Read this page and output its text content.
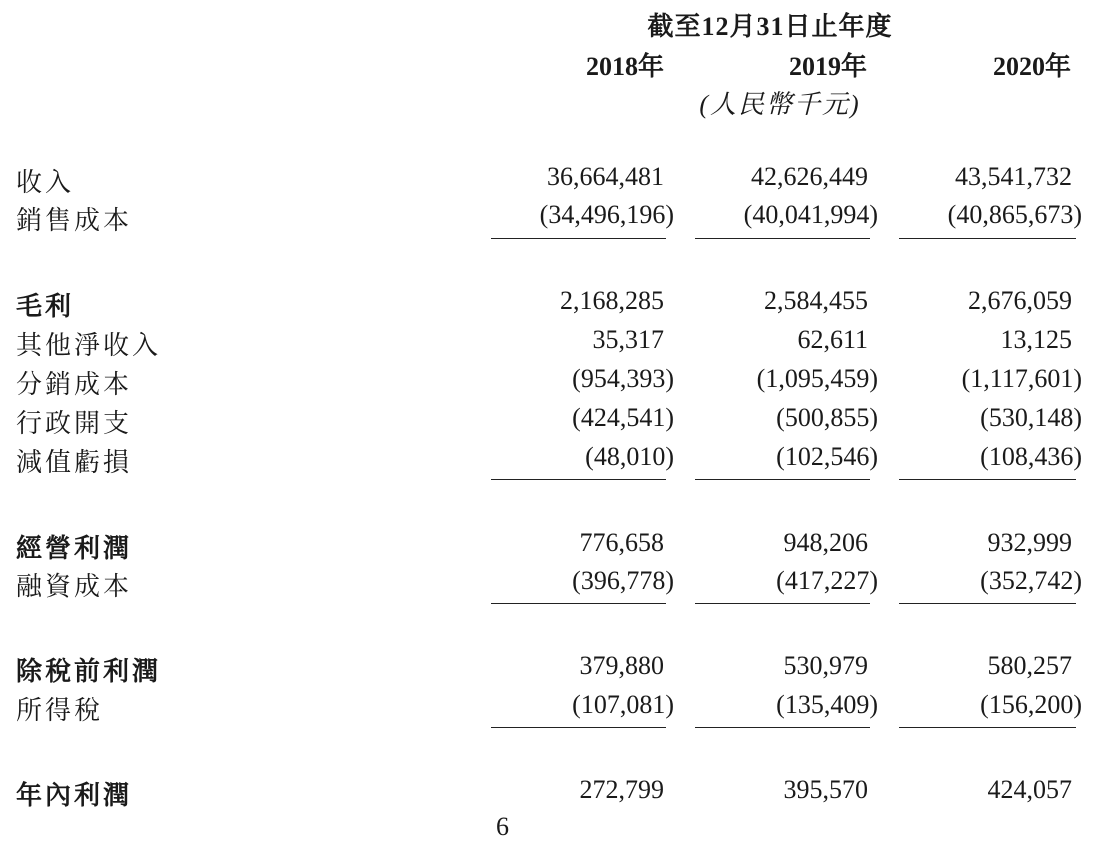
截至12月31日止年度
2018年	2019年	2020年
(人民幣千元)
收入	36,664,481	42,626,449	43,541,732
銷售成本	(34,496,196)	(40,041,994)	(40,865,673)
毛利	2,168,285	2,584,455	2,676,059
其他淨收入	35,317	62,611	13,125
分銷成本	(954,393)	(1,095,459)	(1,117,601)
行政開支	(424,541)	(500,855)	(530,148)
減值虧損	(48,010)	(102,546)	(108,436)
經營利潤	776,658	948,206	932,999
融資成本	(396,778)	(417,227)	(352,742)
除稅前利潤	379,880	530,979	580,257
所得稅	(107,081)	(135,409)	(156,200)
年內利潤	272,799	395,570	424,057
6
